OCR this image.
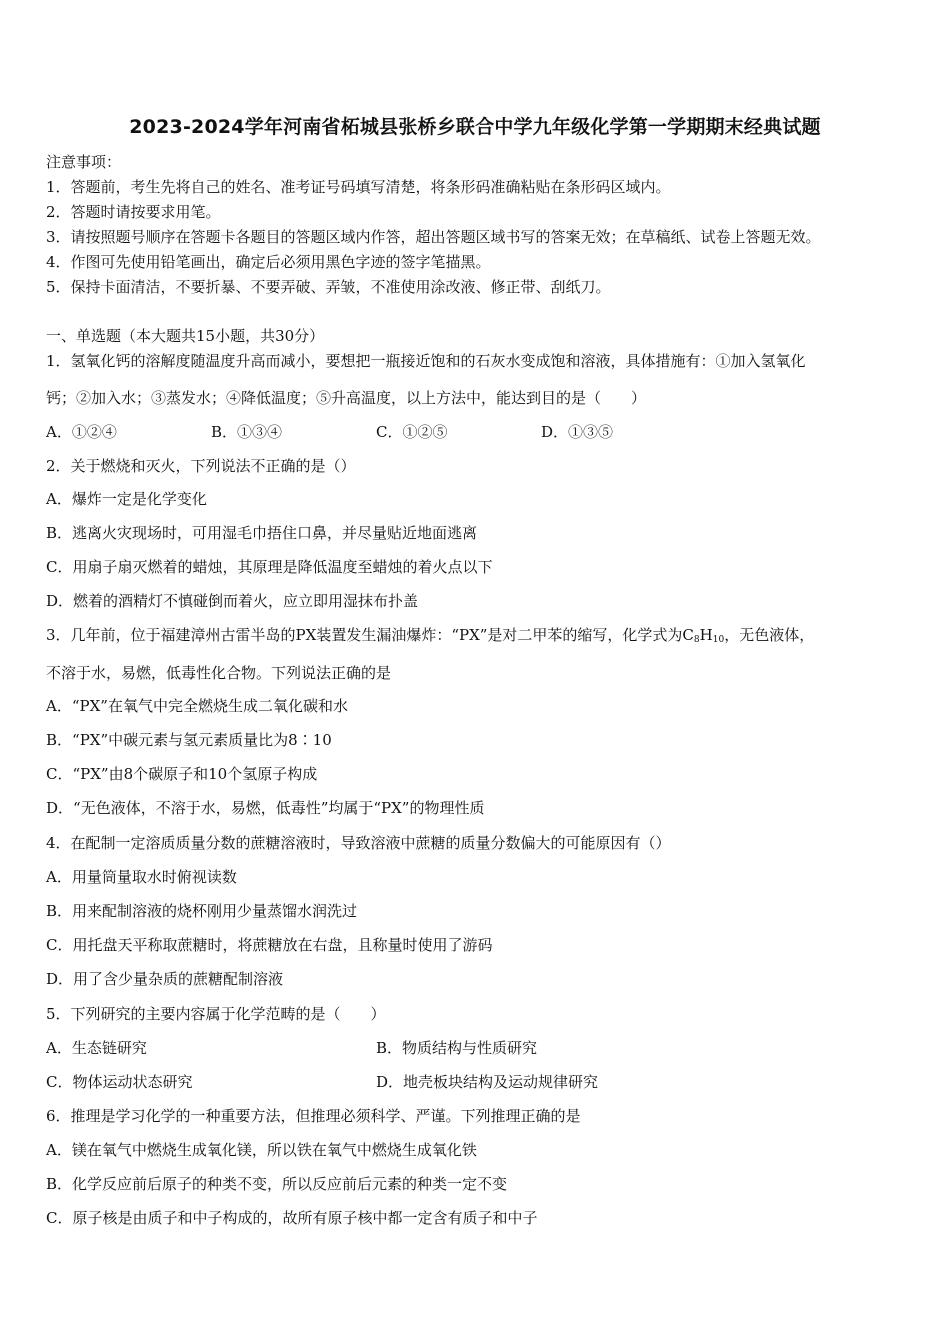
2023-2024学年河南省柘城县张桥乡联合中学九年级化学第一学期期末经典试题
注意事项：
1．答题前，考生先将自己的姓名、准考证号码填写清楚，将条形码准确粘贴在条形码区域内。
2．答题时请按要求用笔。
3．请按照题号顺序在答题卡各题目的答题区域内作答，超出答题区域书写的答案无效；在草稿纸、试卷上答题无效。
4．作图可先使用铅笔画出，确定后必须用黑色字迹的签字笔描黑。
5．保持卡面清洁，不要折暴、不要弄破、弄皱，不准使用涂改液、修正带、刮纸刀。
一、单选题（本大题共15小题，共30分）
1．氢氧化钙的溶解度随温度升高而减小，要想把一瓶接近饱和的石灰水变成饱和溶液，具体措施有：①加入氢氧化
钙；②加入水；③蒸发水；④降低温度；⑤升高温度，以上方法中，能达到目的是（　　）
A．①②④	B．①③④	C．①②⑤	D．①③⑤
2．关于燃烧和灭火，下列说法不正确的是（）
A．爆炸一定是化学变化
B．逃离火灾现场时，可用湿毛巾捂住口鼻，并尽量贴近地面逃离
C．用扇子扇灭燃着的蜡烛，其原理是降低温度至蜡烛的着火点以下
D．燃着的酒精灯不慎碰倒而着火，应立即用湿抹布扑盖
3．几年前，位于福建漳州古雷半岛的PX装置发生漏油爆炸：“PX”是对二甲苯的缩写，化学式为$C_8H_{10}$，无色液体，
不溶于水，易燃，低毒性化合物。下列说法正确的是
A．“PX”在氧气中完全燃烧生成二氧化碳和水
B．“PX”中碳元素与氢元素质量比为8∶10
C．“PX”由8个碳原子和10个氢原子构成
D．“无色液体，不溶于水，易燃，低毒性”均属于“PX”的物理性质
4．在配制一定溶质质量分数的蔗糖溶液时，导致溶液中蔗糖的质量分数偏大的可能原因有（）
A．用量筒量取水时俯视读数
B．用来配制溶液的烧杯刚用少量蒸馏水润洗过
C．用托盘天平称取蔗糖时，将蔗糖放在右盘，且称量时使用了游码
D．用了含少量杂质的蔗糖配制溶液
5．下列研究的主要内容属于化学范畴的是（　　）
A．生态链研究	B．物质结构与性质研究
C．物体运动状态研究	D．地壳板块结构及运动规律研究
6．推理是学习化学的一种重要方法，但推理必须科学、严谨。下列推理正确的是
A．镁在氧气中燃烧生成氧化镁，所以铁在氧气中燃烧生成氧化铁
B．化学反应前后原子的种类不变，所以反应前后元素的种类一定不变
C．原子核是由质子和中子构成的，故所有原子核中都一定含有质子和中子
